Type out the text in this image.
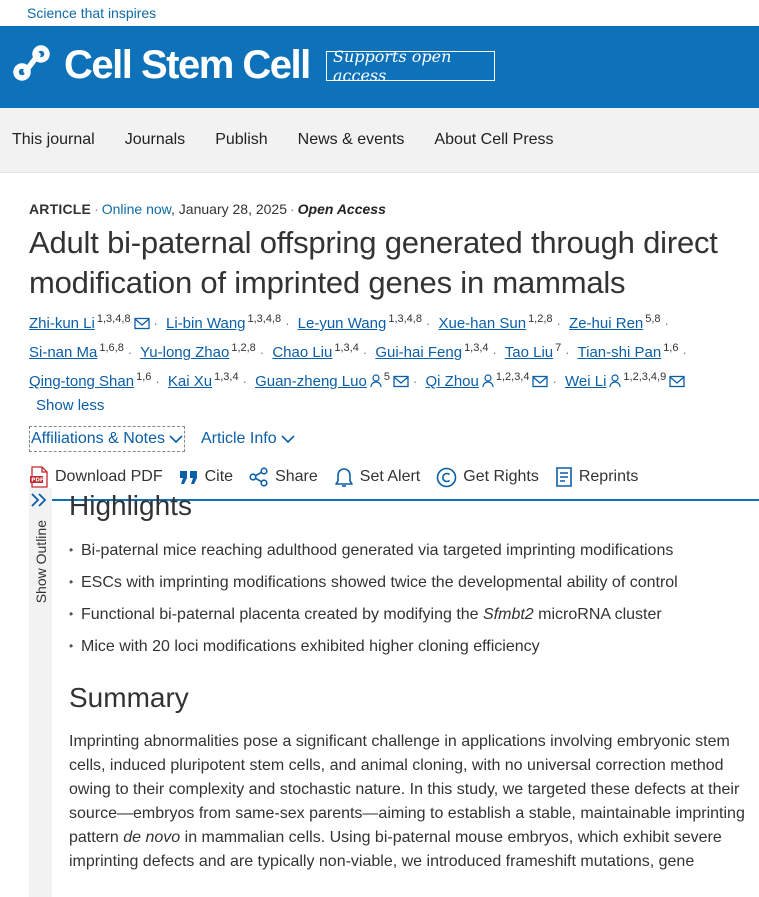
Science that inspires
Cell Stem Cell	Supports open access
This journal Journals Publish News & events About Cell Press
ARTICLE · Online now, January 28, 2025 · Open Access
Adult bi-paternal offspring generated through direct
modification of imprinted genes in mammals
Zhi-kun Li $^{1,3,4,8}$ · Li-bin Wang $^{1,3,4,8}$ · Le-yun Wang $^{1,3,4,8}$ · Xue-han Sun $^{1,2,8}$ · Ze-hui Ren $^{5,8}$ · Si-nan Ma $^{1,6,8}$ · Yu-long Zhao $^{1,2,8}$ · Chao Liu $^{1,3,4}$ · Gui-hai Feng $^{1,3,4}$ · Tao Liu $^7$ · Tian-shi Pan $^{1,6}$ · Qing-tong Shan $^{1,6}$ · Kai Xu $^{1,3,4}$ · Guan-zheng Luo $^5$ · Qi Zhou $^{1,2,3,4}$ · Wei Li $^{1,2,3,4,9}$
Show less
Affiliations & Notes Article Info
PDF Download PDF	Cite	Share	Set Alert	Get Rights	Reprints
Show Outline
Highlights
• Bi-paternal mice reaching adulthood generated via targeted imprinting modifications
• ESCs with imprinting modifications showed twice the developmental ability of control
• Functional bi-paternal placenta created by modifying the Sfmbt2 microRNA cluster
• Mice with 20 loci modifications exhibited higher cloning efficiency
Summary
Imprinting abnormalities pose a significant challenge in applications involving embryonic stem cells, induced pluripotent stem cells, and animal cloning, with no universal correction method owing to their complexity and stochastic nature. In this study, we targeted these defects at their source—embryos from same-sex parents—aiming to establish a stable, maintainable imprinting pattern de novo in mammalian cells. Using bi-paternal mouse embryos, which exhibit severe imprinting defects and are typically non-viable, we introduced frameshift mutations, gene
